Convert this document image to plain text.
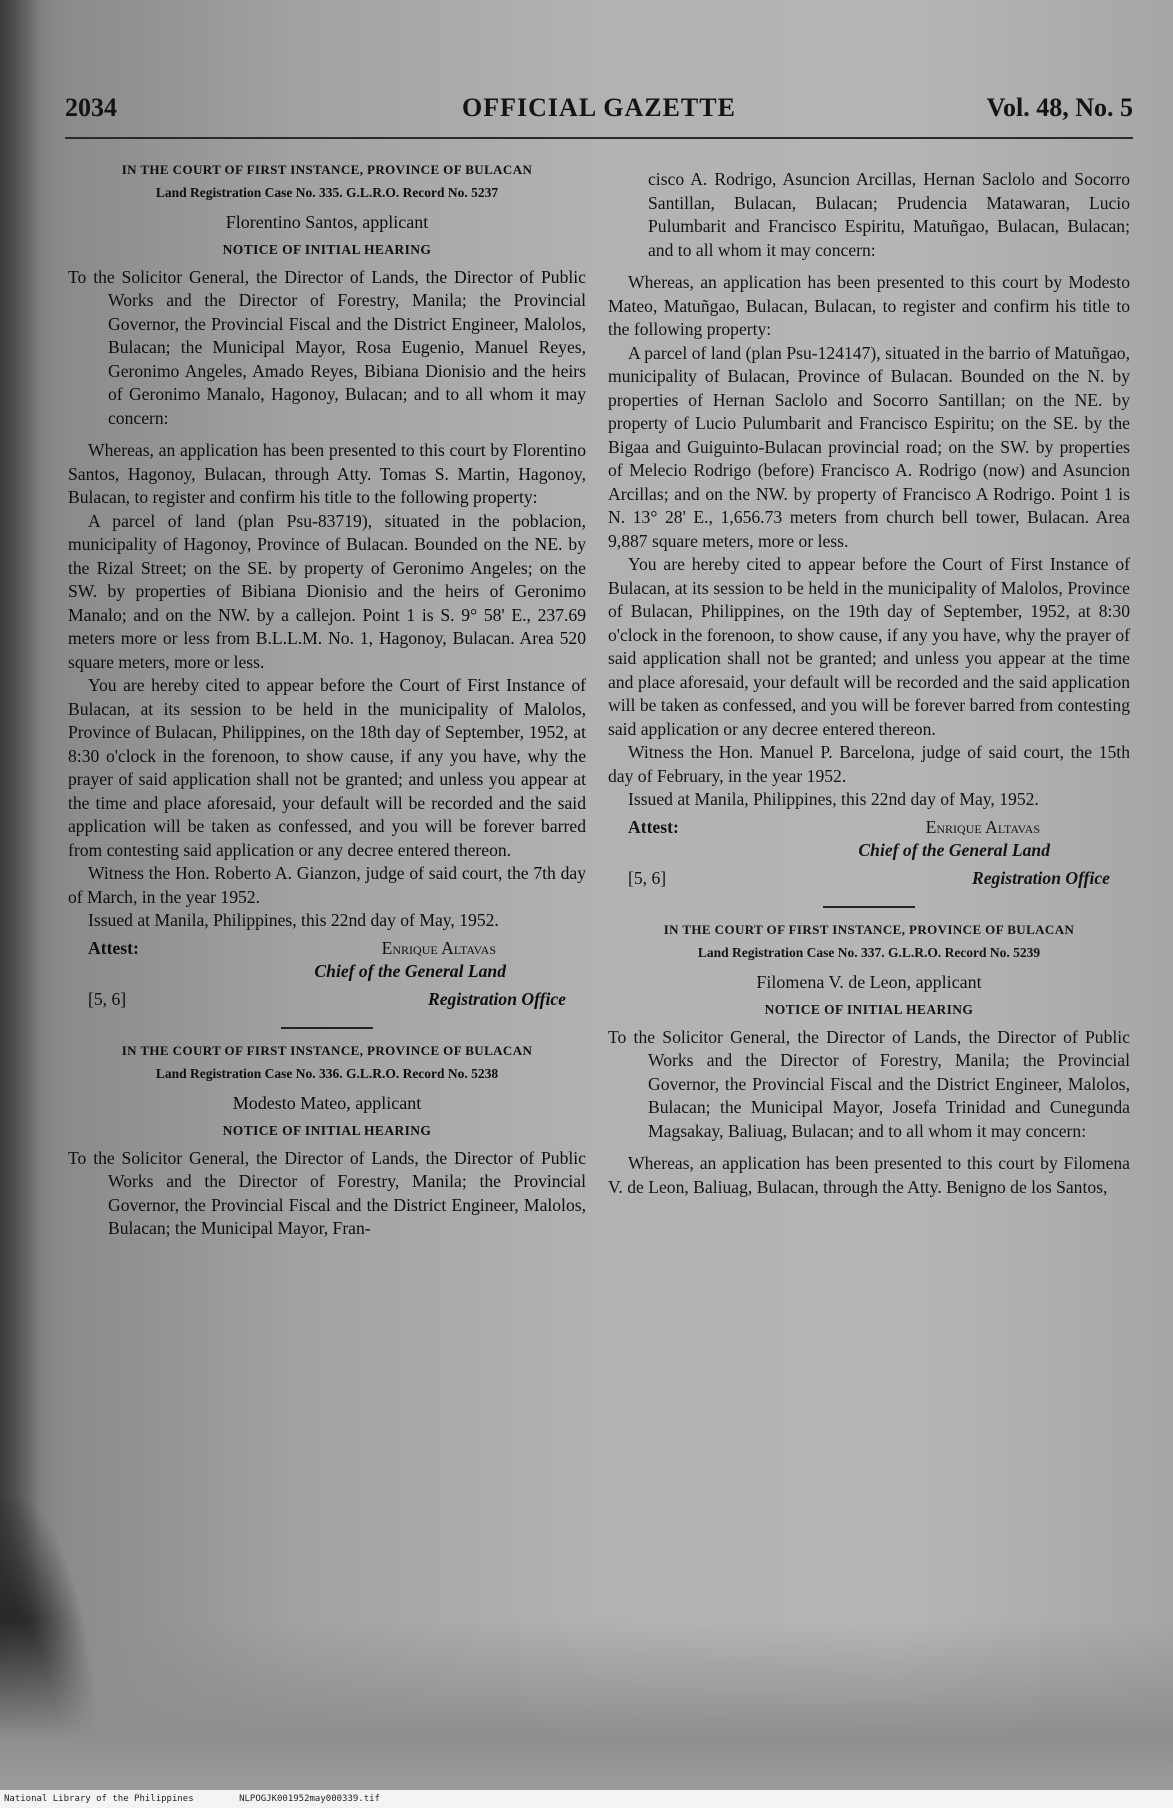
OFFICIAL GAZETTE
2034	Vol. 48, No. 5
IN THE COURT OF FIRST INSTANCE, PROVINCE OF BULACAN
Land Registration Case No. 335. G.L.R.O. Record No. 5237
Florentino Santos, applicant
NOTICE OF INITIAL HEARING

To the Solicitor General, the Director of Lands, the Director of Public Works and the Director of Forestry, Manila; the Provincial Governor, the Provincial Fiscal and the District Engineer, Malolos, Bulacan; the Municipal Mayor, Rosa Eugenio, Manuel Reyes, Geronimo Angeles, Amado Reyes, Bibiana Dionisio and the heirs of Geronimo Manalo, Hagonoy, Bulacan; and to all whom it may concern:

Whereas, an application has been presented to this court by Florentino Santos, Hagonoy, Bulacan, through Atty. Tomas S. Martin, Hagonoy, Bulacan, to register and confirm his title to the following property:

A parcel of land (plan Psu-83719), situated in the poblacion, municipality of Hagonoy, Province of Bulacan. Bounded on the NE. by the Rizal Street; on the SE. by property of Geronimo Angeles; on the SW. by properties of Bibiana Dionisio and the heirs of Geronimo Manalo; and on the NW. by a callejon. Point 1 is S. 9° 58' E., 237.69 meters more or less from B.L.L.M. No. 1, Hagonoy, Bulacan. Area 520 square meters, more or less.

You are hereby cited to appear before the Court of First Instance of Bulacan, at its session to be held in the municipality of Malolos, Province of Bulacan, Philippines, on the 18th day of September, 1952, at 8:30 o'clock in the forenoon, to show cause, if any you have, why the prayer of said application shall not be granted; and unless you appear at the time and place aforesaid, your default will be recorded and the said application will be taken as confessed, and you will be forever barred from contesting said application or any decree entered thereon.

Witness the Hon. Roberto A. Gianzon, judge of said court, the 7th day of March, in the year 1952.

Issued at Manila, Philippines, this 22nd day of May, 1952.

Attest:	Enrique Altavas
Chief of the General Land
[5, 6]	Registration Office
IN THE COURT OF FIRST INSTANCE, PROVINCE OF BULACAN
Land Registration Case No. 336. G.L.R.O. Record No. 5238
Modesto Mateo, applicant
NOTICE OF INITIAL HEARING

To the Solicitor General, the Director of Lands, the Director of Public Works and the Director of Forestry, Manila; the Provincial Governor, the Provincial Fiscal and the District Engineer, Malolos, Bulacan; the Municipal Mayor, Fran-

cisco A. Rodrigo, Asuncion Arcillas, Hernan Saclolo and Socorro Santillan, Bulacan, Bulacan; Prudencia Matawaran, Lucio Pulumbarit and Francisco Espiritu, Matuñgao, Bulacan, Bulacan; and to all whom it may concern:

Whereas, an application has been presented to this court by Modesto Mateo, Matuñgao, Bulacan, Bulacan, to register and confirm his title to the following property:

A parcel of land (plan Psu-124147), situated in the barrio of Matuñgao, municipality of Bulacan, Province of Bulacan. Bounded on the N. by properties of Hernan Saclolo and Socorro Santillan; on the NE. by property of Lucio Pulumbarit and Francisco Espiritu; on the SE. by the Bigaa and Guiguinto-Bulacan provincial road; on the SW. by properties of Melecio Rodrigo (before) Francisco A. Rodrigo (now) and Asuncion Arcillas; and on the NW. by property of Francisco A Rodrigo. Point 1 is N. 13° 28' E., 1,656.73 meters from church bell tower, Bulacan. Area 9,887 square meters, more or less.

You are hereby cited to appear before the Court of First Instance of Bulacan, at its session to be held in the municipality of Malolos, Province of Bulacan, Philippines, on the 19th day of September, 1952, at 8:30 o'clock in the forenoon, to show cause, if any you have, why the prayer of said application shall not be granted; and unless you appear at the time and place aforesaid, your default will be recorded and the said application will be taken as confessed, and you will be forever barred from contesting said application or any decree entered thereon.

Witness the Hon. Manuel P. Barcelona, judge of said court, the 15th day of February, in the year 1952.

Issued at Manila, Philippines, this 22nd day of May, 1952.

Attest:	Enrique Altavas
Chief of the General Land
[5, 6]	Registration Office
IN THE COURT OF FIRST INSTANCE, PROVINCE OF BULACAN
Land Registration Case No. 337. G.L.R.O. Record No. 5239
Filomena V. de Leon, applicant
NOTICE OF INITIAL HEARING

To the Solicitor General, the Director of Lands, the Director of Public Works and the Director of Forestry, Manila; the Provincial Governor, the Provincial Fiscal and the District Engineer, Malolos, Bulacan; the Municipal Mayor, Josefa Trinidad and Cunegunda Magsakay, Baliuag, Bulacan; and to all whom it may concern:

Whereas, an application has been presented to this court by Filomena V. de Leon, Baliuag, Bulacan, through the Atty. Benigno de los Santos,

National Library of the Philippines	NLPOGJK001952may000339.tif
